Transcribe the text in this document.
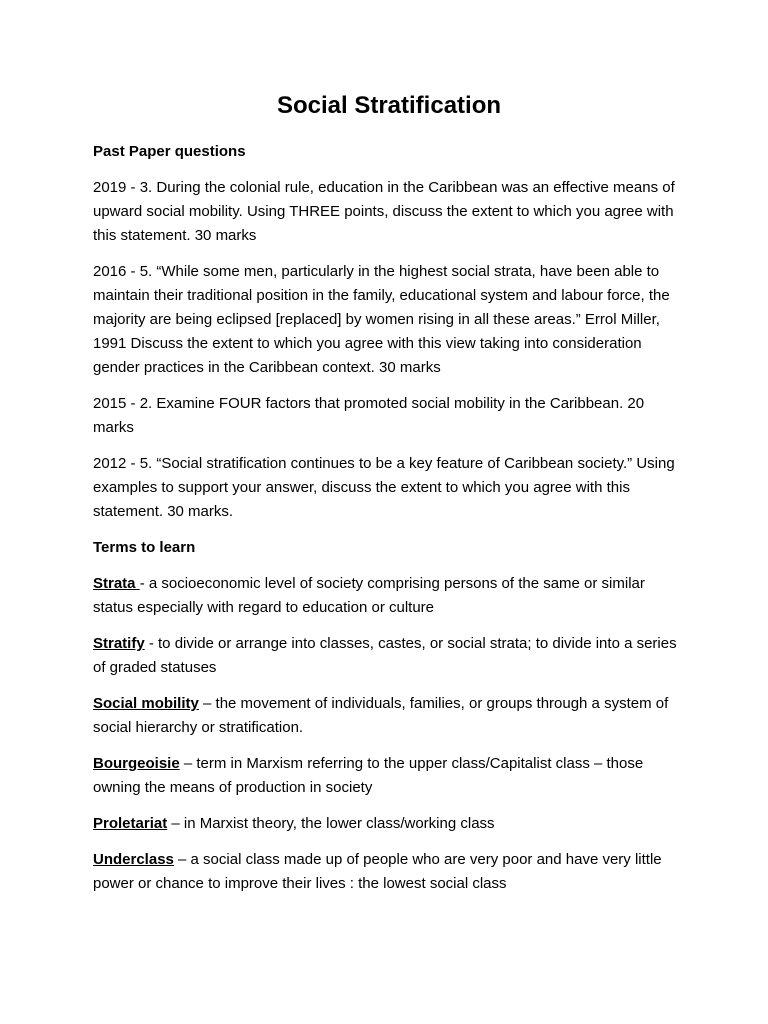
Social Stratification
Past Paper questions

2019 - 3. During the colonial rule, education in the Caribbean was an effective means of upward social mobility. Using THREE points, discuss the extent to which you agree with this statement. 30 marks

2016 - 5. “While some men, particularly in the highest social strata, have been able to maintain their traditional position in the family, educational system and labour force, the majority are being eclipsed [replaced] by women rising in all these areas.” Errol Miller, 1991 Discuss the extent to which you agree with this view taking into consideration gender practices in the Caribbean context. 30 marks

2015 - 2. Examine FOUR factors that promoted social mobility in the Caribbean. 20 marks

2012 - 5. “Social stratification continues to be a key feature of Caribbean society.” Using examples to support your answer, discuss the extent to which you agree with this statement. 30 marks.

Terms to learn

Strata - a socioeconomic level of society comprising persons of the same or similar status especially with regard to education or culture

Stratify - to divide or arrange into classes, castes, or social strata; to divide into a series of graded statuses

Social mobility – the movement of individuals, families, or groups through a system of social hierarchy or stratification.

Bourgeoisie – term in Marxism referring to the upper class/Capitalist class – those owning the means of production in society

Proletariat – in Marxist theory, the lower class/working class

Underclass – a social class made up of people who are very poor and have very little power or chance to improve their lives : the lowest social class
